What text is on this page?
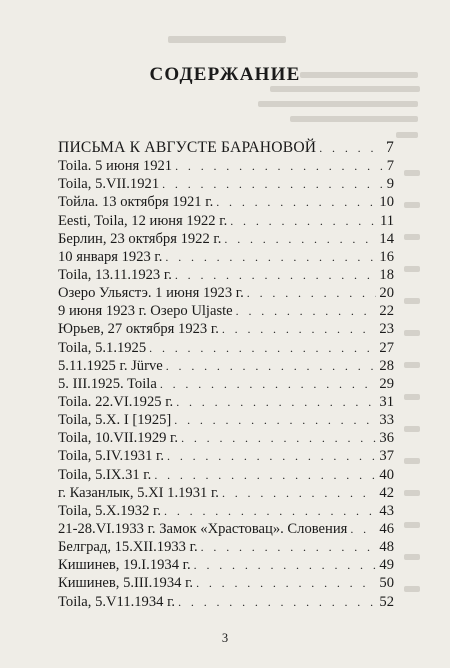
СОДЕРЖАНИЕ
ПИСЬМА К АВГУСТЕ БАРАНОВОЙ . . .	7
Toila. 5 июня 1921 . . .	7
Toila, 5.VII.1921 . . .	9
Тойла. 13 октября 1921 г. . . .	10
Eesti, Toila, 12 июня 1922 г. . . .	11
Берлин, 23 октября 1922 г. . . .	14
10 января 1923 г. . . .	16
Toila, 13.11.1923 г. . . .	18
Озеро Ульястэ. 1 июня 1923 г. . . .	20
9 июня 1923 г. Озеро Uljaste . . .	22
Юрьев, 27 октября 1923 г. . . .	23
Toila, 5.1.1925 . . .	27
5.11.1925 г. Jürve . . .	28
5. III.1925. Toila . . .	29
Toila. 22.VI.1925 г. . . .	31
Toila, 5.X. I [1925] . . .	33
Toila, 10.VII.1929 г. . . .	36
Toila, 5.IV.1931 г. . . .	37
Toila, 5.IX.31 г. . . .	40
г. Казанлык, 5.XI 1.1931 г. . . .	42
Toila, 5.X.1932 г. . . .	43
21-28.VI.1933 г. Замок «Храстовац». Словения . . . 46
Белград, 15.XII.1933 г. . . .	48
Кишинев, 19.I.1934 г. . . .	49
Кишинев, 5.III.1934 г. . . .	50
Toila, 5.V11.1934 г. . . .	52
3
